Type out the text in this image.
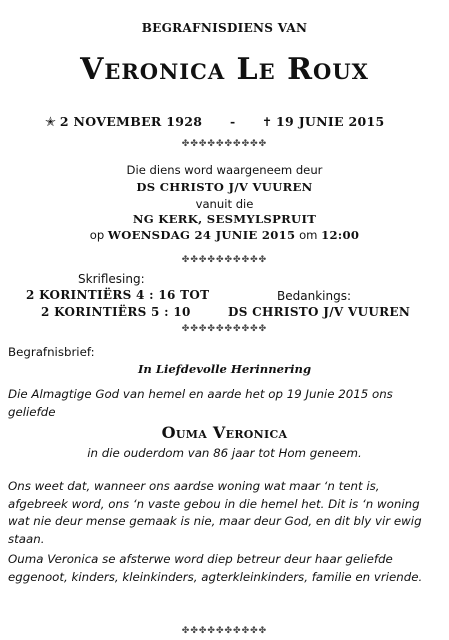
BEGRAFNISDIENS VAN
Veronica Le Roux
✭ 2 NOVEMBER 1928 - ✝ 19 JUNIE 2015
✤✤✤✤✤✤✤✤✤✤
Die diens word waargeneem deur
DS CHRISTO J/V VUUREN
vanuit die
NG KERK, SESMYLSPRUIT
op WOENSDAG 24 JUNIE 2015 om 12:00
✤✤✤✤✤✤✤✤✤✤
Skriflesing:
2 KORINTIËRS 4 : 16 TOT
2 KORINTIËRS 5 : 10
Bedankings:
DS CHRISTO J/V VUUREN
✤✤✤✤✤✤✤✤✤✤
Begrafnisbrief:
In Liefdevolle Herinnering
Die Almagtige God van hemel en aarde het op 19 Junie 2015 ons geliefde
Ouma Veronica
in die ouderdom van 86 jaar tot Hom geneem.
Ons weet dat, wanneer ons aardse woning wat maar ‘n tent is, afgebreek word, ons ‘n vaste gebou in die hemel het. Dit is ‘n woning wat nie deur mense gemaak is nie, maar deur God, en dit bly vir ewig staan.
Ouma Veronica se afsterwe word diep betreur deur haar geliefde eggenoot, kinders, kleinkinders, agterkleinkinders, familie en vriende.
✤✤✤✤✤✤✤✤✤✤
